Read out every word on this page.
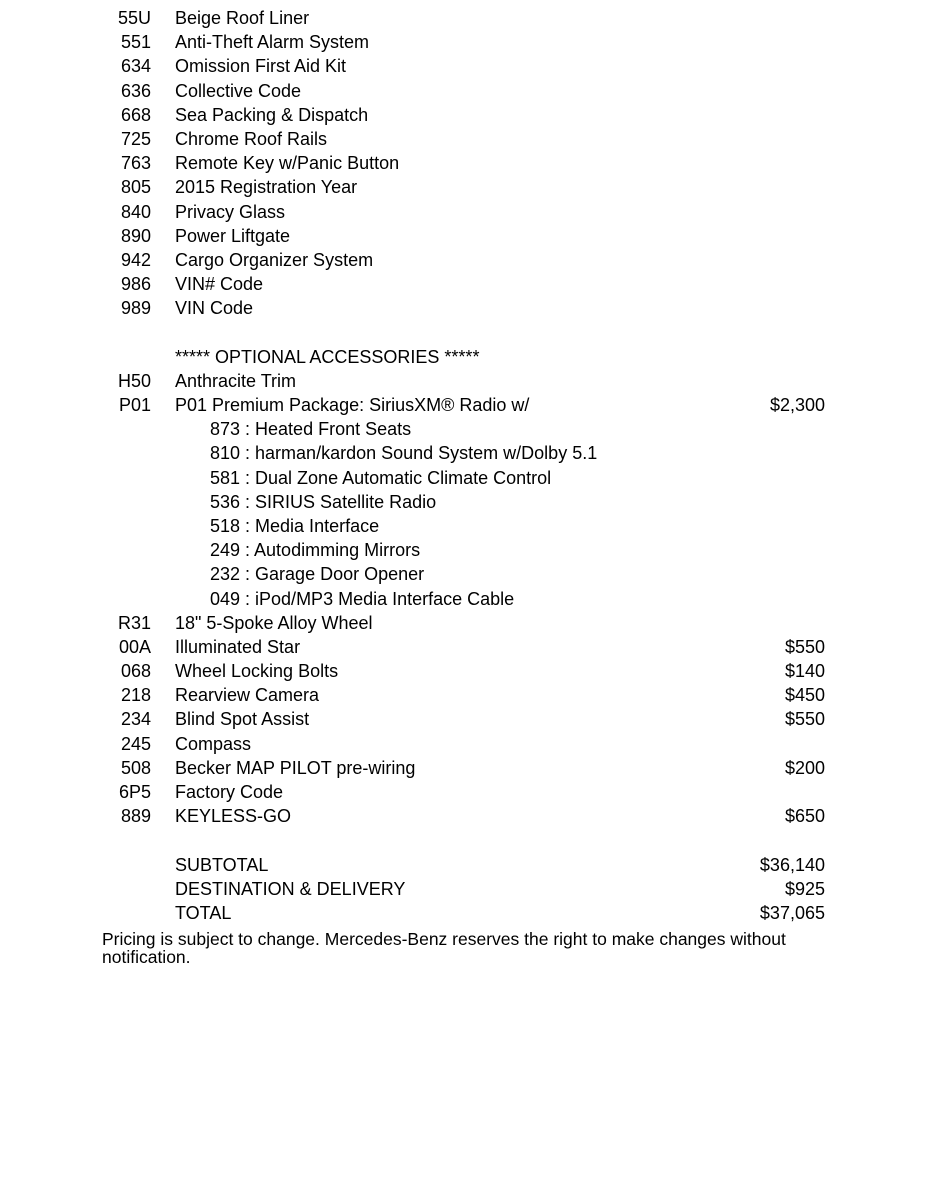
55U Beige Roof Liner
551 Anti-Theft Alarm System
634 Omission First Aid Kit
636 Collective Code
668 Sea Packing & Dispatch
725 Chrome Roof Rails
763 Remote Key w/Panic Button
805 2015 Registration Year
840 Privacy Glass
890 Power Liftgate
942 Cargo Organizer System
986 VIN# Code
989 VIN Code
***** OPTIONAL ACCESSORIES *****
H50 Anthracite Trim
P01 P01 Premium Package: SiriusXM® Radio w/	$2,300
873 : Heated Front Seats
810 : harman/kardon Sound System w/Dolby 5.1
581 : Dual Zone Automatic Climate Control
536 : SIRIUS Satellite Radio
518 : Media Interface
249 : Autodimming Mirrors
232 : Garage Door Opener
049 : iPod/MP3 Media Interface Cable
R31 18" 5-Spoke Alloy Wheel
00A Illuminated Star	$550
068 Wheel Locking Bolts	$140
218 Rearview Camera	$450
234 Blind Spot Assist	$550
245 Compass
508 Becker MAP PILOT pre-wiring	$200
6P5 Factory Code
889 KEYLESS-GO	$650
SUBTOTAL	$36,140
DESTINATION & DELIVERY	$925
TOTAL	$37,065
Pricing is subject to change. Mercedes-Benz reserves the right to make changes without notification.
